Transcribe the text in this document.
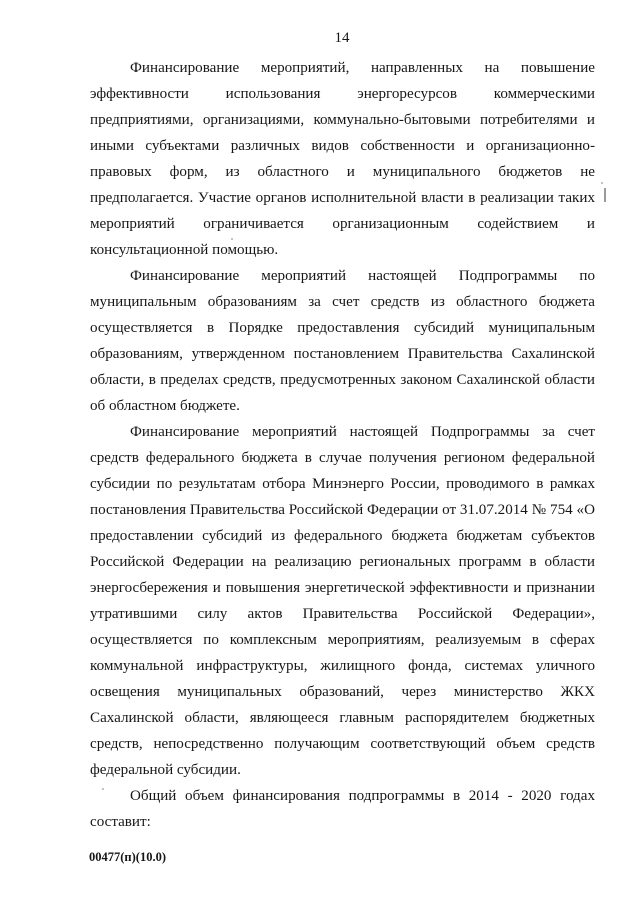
14

Финансирование мероприятий, направленных на повышение эффективности использования энергоресурсов коммерческими предприятиями, организациями, коммунально-бытовыми потребителями и иными субъектами различных видов собственности и организационно-правовых форм, из областного и муниципального бюджетов не предполагается. Участие органов исполнительной власти в реализации таких мероприятий ограничивается организационным содействием и консультационной помощью.

Финансирование мероприятий настоящей Подпрограммы по муниципальным образованиям за счет средств из областного бюджета осуществляется в Порядке предоставления субсидий муниципальным образованиям, утвержденном постановлением Правительства Сахалинской области, в пределах средств, предусмотренных законом Сахалинской области об областном бюджете.

Финансирование мероприятий настоящей Подпрограммы за счет средств федерального бюджета в случае получения регионом федеральной субсидии по результатам отбора Минэнерго России, проводимого в рамках постановления Правительства Российской Федерации от 31.07.2014 № 754 «О предоставлении субсидий из федерального бюджета бюджетам субъектов Российской Федерации на реализацию региональных программ в области энергосбережения и повышения энергетической эффективности и признании утратившими силу актов Правительства Российской Федерации», осуществляется по комплексным мероприятиям, реализуемым в сферах коммунальной инфраструктуры, жилищного фонда, системах уличного освещения муниципальных образований, через министерство ЖКХ Сахалинской области, являющееся главным распорядителем бюджетных средств, непосредственно получающим соответствующий объем средств федеральной субсидии.

Общий объем финансирования подпрограммы в 2014 - 2020 годах составит:

00477(п)(10.0)
